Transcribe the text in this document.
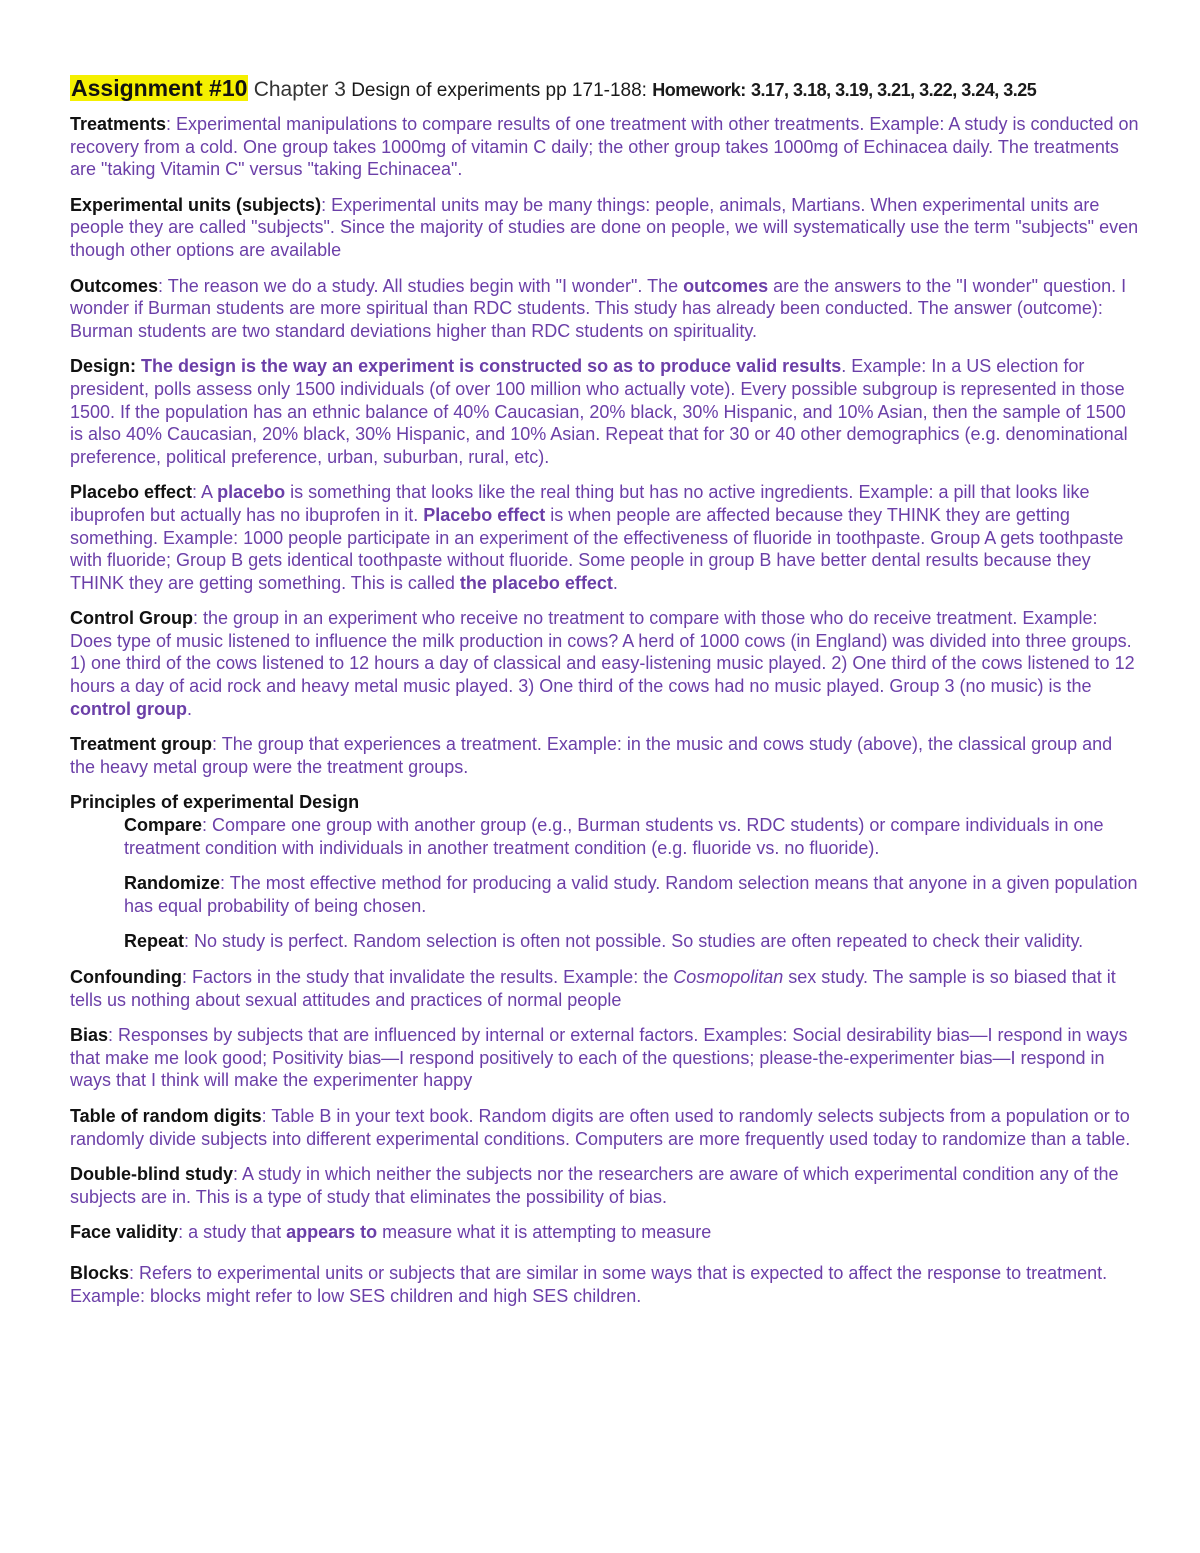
Assignment #10 Chapter 3 Design of experiments pp 171-188: Homework: 3.17, 3.18, 3.19, 3.21, 3.22, 3.24, 3.25

Treatments: Experimental manipulations to compare results of one treatment with other treatments. Example: A study is conducted on recovery from a cold. One group takes 1000mg of vitamin C daily; the other group takes 1000mg of Echinacea daily. The treatments are "taking Vitamin C" versus "taking Echinacea".

Experimental units (subjects): Experimental units may be many things: people, animals, Martians. When experimental units are people they are called "subjects". Since the majority of studies are done on people, we will systematically use the term "subjects" even though other options are available

Outcomes: The reason we do a study. All studies begin with "I wonder". The outcomes are the answers to the "I wonder" question. I wonder if Burman students are more spiritual than RDC students. This study has already been conducted. The answer (outcome): Burman students are two standard deviations higher than RDC students on spirituality.

Design: The design is the way an experiment is constructed so as to produce valid results. Example: In a US election for president, polls assess only 1500 individuals (of over 100 million who actually vote). Every possible subgroup is represented in those 1500. If the population has an ethnic balance of 40% Caucasian, 20% black, 30% Hispanic, and 10% Asian, then the sample of 1500 is also 40% Caucasian, 20% black, 30% Hispanic, and 10% Asian. Repeat that for 30 or 40 other demographics (e.g. denominational preference, political preference, urban, suburban, rural, etc).

Placebo effect: A placebo is something that looks like the real thing but has no active ingredients. Example: a pill that looks like ibuprofen but actually has no ibuprofen in it. Placebo effect is when people are affected because they THINK they are getting something. Example: 1000 people participate in an experiment of the effectiveness of fluoride in toothpaste. Group A gets toothpaste with fluoride; Group B gets identical toothpaste without fluoride. Some people in group B have better dental results because they THINK they are getting something. This is called the placebo effect.

Control Group: the group in an experiment who receive no treatment to compare with those who do receive treatment. Example: Does type of music listened to influence the milk production in cows? A herd of 1000 cows (in England) was divided into three groups. 1) one third of the cows listened to 12 hours a day of classical and easy-listening music played. 2) One third of the cows listened to 12 hours a day of acid rock and heavy metal music played. 3) One third of the cows had no music played. Group 3 (no music) is the control group.

Treatment group: The group that experiences a treatment. Example: in the music and cows study (above), the classical group and the heavy metal group were the treatment groups.

Principles of experimental Design

Compare: Compare one group with another group (e.g., Burman students vs. RDC students) or compare individuals in one treatment condition with individuals in another treatment condition (e.g. fluoride vs. no fluoride).

Randomize: The most effective method for producing a valid study. Random selection means that anyone in a given population has equal probability of being chosen.

Repeat: No study is perfect. Random selection is often not possible. So studies are often repeated to check their validity.

Confounding: Factors in the study that invalidate the results. Example: the Cosmopolitan sex study. The sample is so biased that it tells us nothing about sexual attitudes and practices of normal people

Bias: Responses by subjects that are influenced by internal or external factors. Examples: Social desirability bias—I respond in ways that make me look good; Positivity bias—I respond positively to each of the questions; please-the-experimenter bias—I respond in ways that I think will make the experimenter happy

Table of random digits: Table B in your text book. Random digits are often used to randomly selects subjects from a population or to randomly divide subjects into different experimental conditions. Computers are more frequently used today to randomize than a table.

Double-blind study: A study in which neither the subjects nor the researchers are aware of which experimental condition any of the subjects are in. This is a type of study that eliminates the possibility of bias.

Face validity: a study that appears to measure what it is attempting to measure

Blocks: Refers to experimental units or subjects that are similar in some ways that is expected to affect the response to treatment. Example: blocks might refer to low SES children and high SES children.
